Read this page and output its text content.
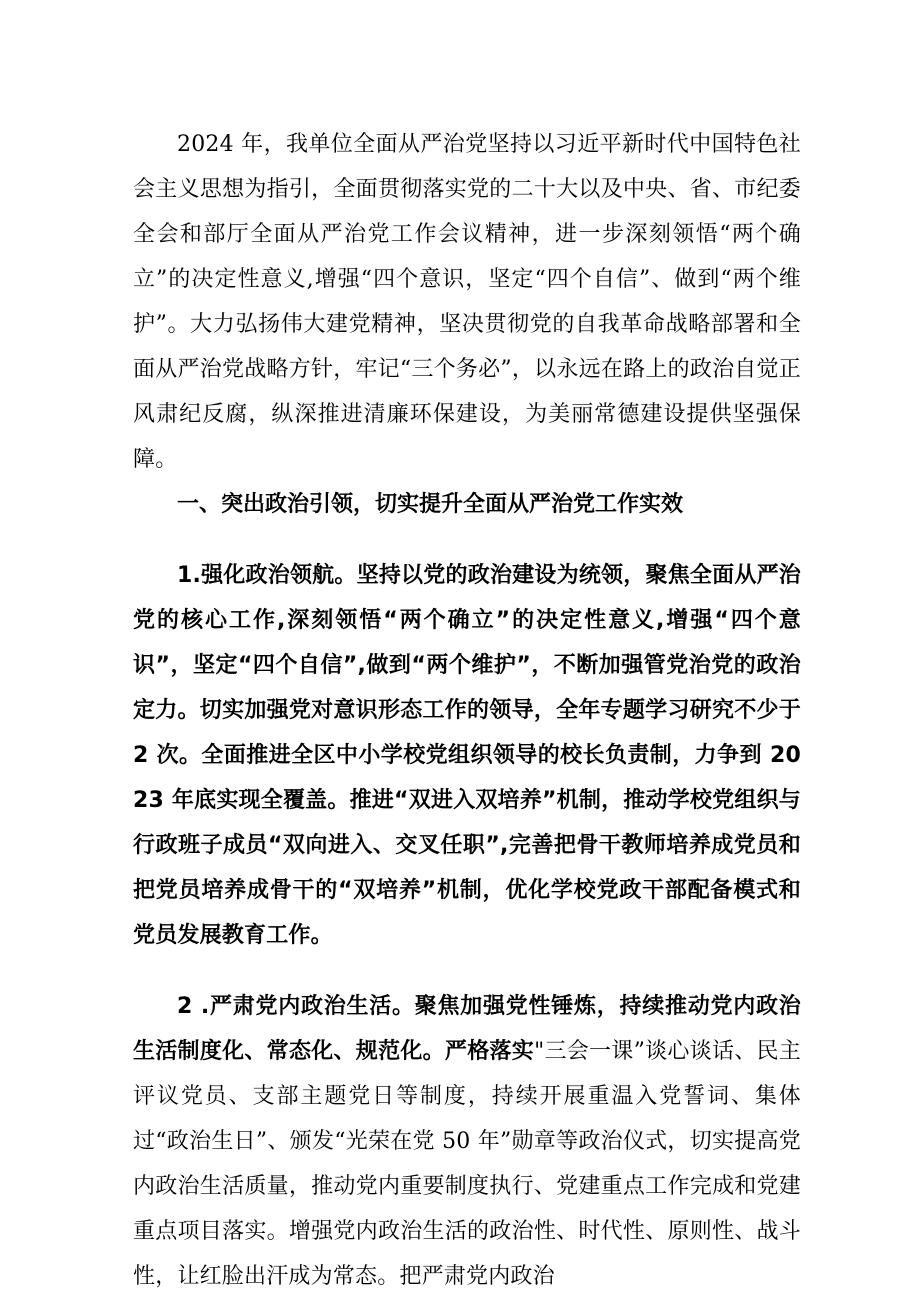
2024 年，我单位全面从严治党坚持以习近平新时代中国特色社会主义思想为指引，全面贯彻落实党的二十大以及中央、省、市纪委全会和部厅全面从严治党工作会议精神，进一步深刻领悟“两个确立”的决定性意义,增强“四个意识，坚定“四个自信”、做到“两个维护”。大力弘扬伟大建党精神，坚决贯彻党的自我革命战略部署和全面从严治党战略方针，牢记“三个务必”，以永远在路上的政治自觉正风肃纪反腐，纵深推进清廉环保建设，为美丽常德建设提供坚强保障。

一、突出政治引领，切实提升全面从严治党工作实效

1.强化政治领航。坚持以党的政治建设为统领，聚焦全面从严治党的核心工作,深刻领悟“两个确立”的决定性意义,增强“四个意识”，坚定“四个自信”,做到“两个维护”，不断加强管党治党的政治定力。切实加强党对意识形态工作的领导，全年专题学习研究不少于 2 次。全面推进全区中小学校党组织领导的校长负责制，力争到 2023 年底实现全覆盖。推进“双进入双培养”机制，推动学校党组织与行政班子成员“双向进入、交叉任职”,完善把骨干教师培养成党员和把党员培养成骨干的“双培养”机制，优化学校党政干部配备模式和党员发展教育工作。

2 .严肃党内政治生活。聚焦加强党性锤炼，持续推动党内政治生活制度化、常态化、规范化。严格落实"三会一课”谈心谈话、民主评议党员、支部主题党日等制度，持续开展重温入党誓词、集体过“政治生日”、颁发“光荣在党 50 年”勋章等政治仪式，切实提高党内政治生活质量，推动党内重要制度执行、党建重点工作完成和党建重点项目落实。增强党内政治生活的政治性、时代性、原则性、战斗性，让红脸出汗成为常态。把严肃党内政治
